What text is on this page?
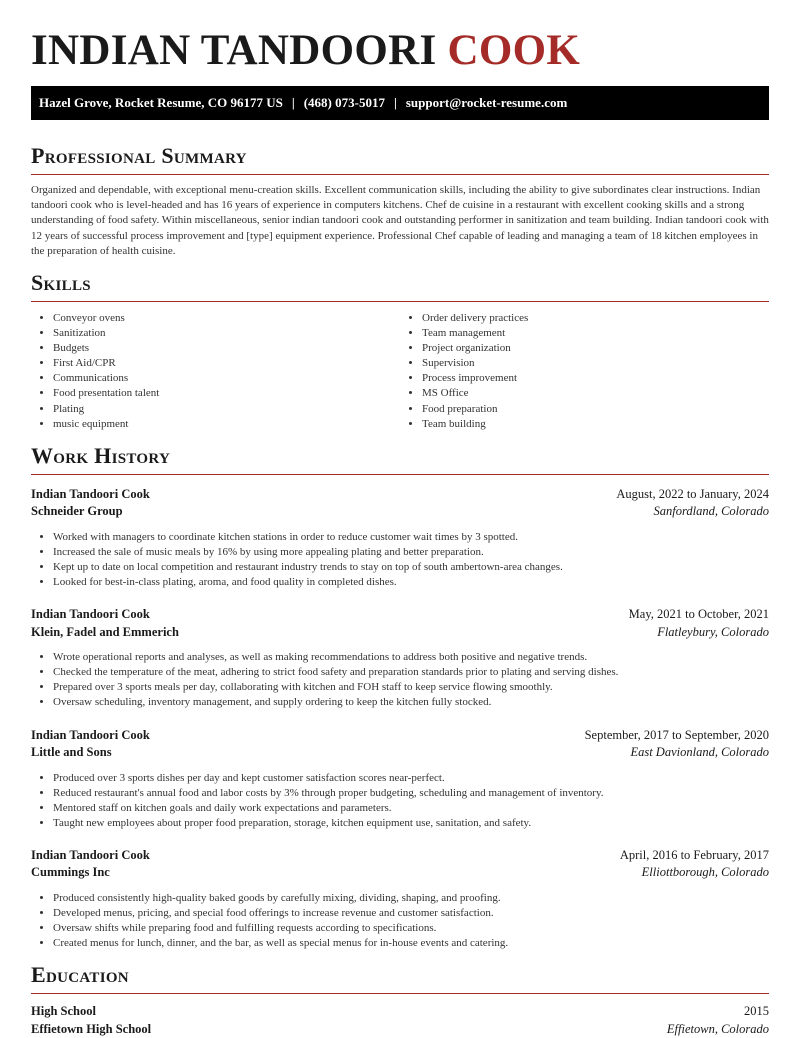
INDIAN TANDOORI COOK
Hazel Grove, Rocket Resume, CO 96177 US | (468) 073-5017 | support@rocket-resume.com
Professional Summary

Organized and dependable, with exceptional menu-creation skills. Excellent communication skills, including the ability to give subordinates clear instructions. Indian tandoori cook who is level-headed and has 16 years of experience in computers kitchens. Chef de cuisine in a restaurant with excellent cooking skills and a strong understanding of food safety. Within miscellaneous, senior indian tandoori cook and outstanding performer in sanitization and team building. Indian tandoori cook with 12 years of successful process improvement and [type] equipment experience. Professional Chef capable of leading and managing a team of 18 kitchen employees in the preparation of health cuisine.

Skills
• Conveyor ovens
• Sanitization
• Budgets
• First Aid/CPR
• Communications
• Food presentation talent
• Plating
• music equipment
• Order delivery practices
• Team management
• Project organization
• Supervision
• Process improvement
• MS Office
• Food preparation
• Team building
Work History
Indian Tandoori Cook	August, 2022 to January, 2024
Schneider Group	Sanfordland, Colorado
• Worked with managers to coordinate kitchen stations in order to reduce customer wait times by 3 spotted.
• Increased the sale of music meals by 16% by using more appealing plating and better preparation.
• Kept up to date on local competition and restaurant industry trends to stay on top of south ambertown-area changes.
• Looked for best-in-class plating, aroma, and food quality in completed dishes.
Indian Tandoori Cook	May, 2021 to October, 2021
Klein, Fadel and Emmerich	Flatleybury, Colorado
• Wrote operational reports and analyses, as well as making recommendations to address both positive and negative trends.
• Checked the temperature of the meat, adhering to strict food safety and preparation standards prior to plating and serving dishes.
• Prepared over 3 sports meals per day, collaborating with kitchen and FOH staff to keep service flowing smoothly.
• Oversaw scheduling, inventory management, and supply ordering to keep the kitchen fully stocked.
Indian Tandoori Cook	September, 2017 to September, 2020
Little and Sons	East Davionland, Colorado
• Produced over 3 sports dishes per day and kept customer satisfaction scores near-perfect.
• Reduced restaurant's annual food and labor costs by 3% through proper budgeting, scheduling and management of inventory.
• Mentored staff on kitchen goals and daily work expectations and parameters.
• Taught new employees about proper food preparation, storage, kitchen equipment use, sanitation, and safety.
Indian Tandoori Cook	April, 2016 to February, 2017
Cummings Inc	Elliottborough, Colorado
• Produced consistently high-quality baked goods by carefully mixing, dividing, shaping, and proofing.
• Developed menus, pricing, and special food offerings to increase revenue and customer satisfaction.
• Oversaw shifts while preparing food and fulfilling requests according to specifications.
• Created menus for lunch, dinner, and the bar, as well as special menus for in-house events and catering.
Education
High School	2015
Effietown High School	Effietown, Colorado
